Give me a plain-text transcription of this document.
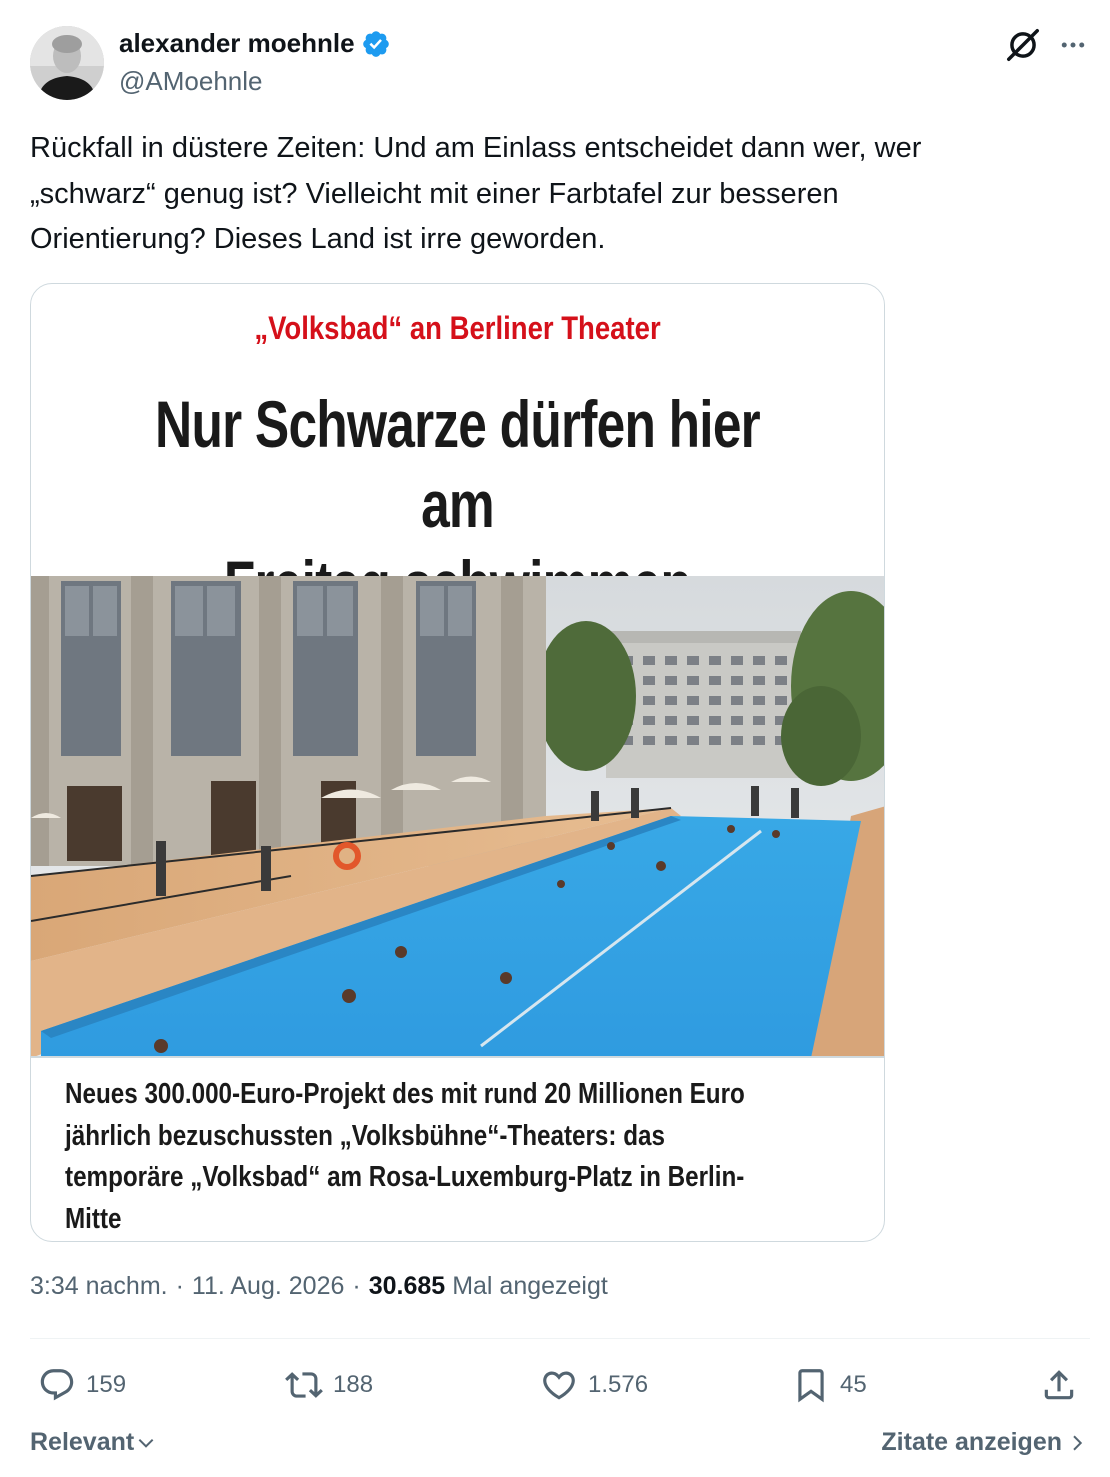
alexander moehnle
@AMoehnle
Rückfall in düstere Zeiten: Und am Einlass entscheidet dann wer, wer
„schwarz“ genug ist? Vielleicht mit einer Farbtafel zur besseren
Orientierung? Dieses Land ist irre geworden.
„Volksbad“ an Berliner Theater
Nur Schwarze dürfen hier am

Neues 300.000-Euro-Projekt des mit rund 20 Millionen Euro
jährlich bezuschussten „Volksbühne“-Theaters: das
temporäre „Volksbad“ am Rosa-Luxemburg-Platz in Berlin-
Mitte
3:34 nachm. · 11. Aug. 2026 · 30.685 Mal angezeigt
159	188	1.576	45
Relevant	Zitate anzeigen
